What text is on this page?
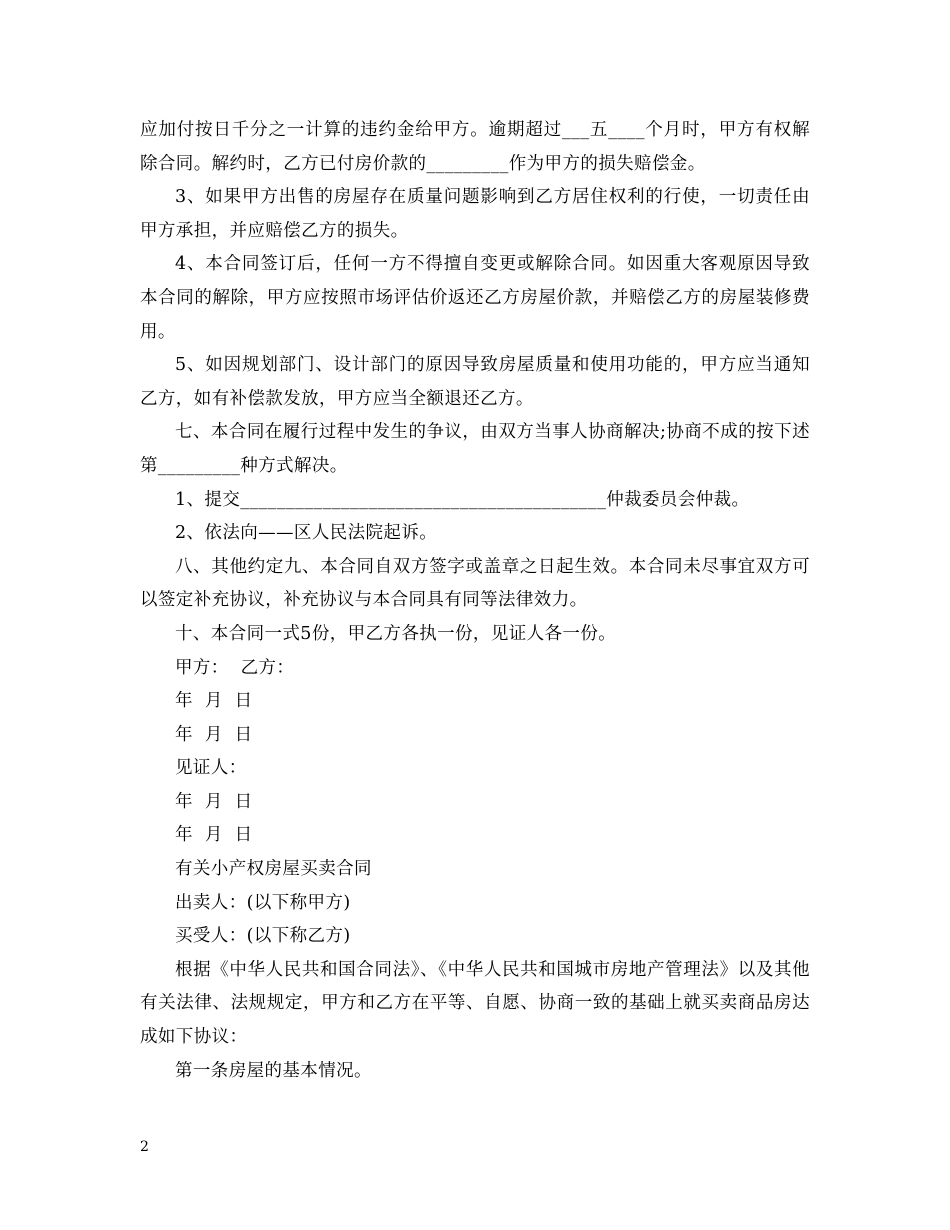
应加付按日千分之一计算的违约金给甲方。逾期超过___五____个月时，甲方有权解除合同。解约时，乙方已付房价款的_________作为甲方的损失赔偿金。

3、如果甲方出售的房屋存在质量问题影响到乙方居住权利的行使，一切责任由甲方承担，并应赔偿乙方的损失。

4、本合同签订后，任何一方不得擅自变更或解除合同。如因重大客观原因导致本合同的解除，甲方应按照市场评估价返还乙方房屋价款，并赔偿乙方的房屋装修费用。

5、如因规划部门、设计部门的原因导致房屋质量和使用功能的，甲方应当通知乙方，如有补偿款发放，甲方应当全额退还乙方。

七、本合同在履行过程中发生的争议，由双方当事人协商解决;协商不成的按下述第_________种方式解决。

1、提交________________________________________仲裁委员会仲裁。

2、依法向——区人民法院起诉。

八、其他约定九、本合同自双方签字或盖章之日起生效。本合同未尽事宜双方可以签定补充协议，补充协议与本合同具有同等法律效力。

十、本合同一式5份，甲乙方各执一份，见证人各一份。

甲方：  乙方：

年  月  日

年  月  日

见证人：

年  月  日

年  月  日

有关小产权房屋买卖合同

出卖人：(以下称甲方)

买受人：(以下称乙方)

根据《中华人民共和国合同法》、《中华人民共和国城市房地产管理法》以及其他有关法律、法规规定，甲方和乙方在平等、自愿、协商一致的基础上就买卖商品房达成如下协议：

第一条房屋的基本情况。

2
